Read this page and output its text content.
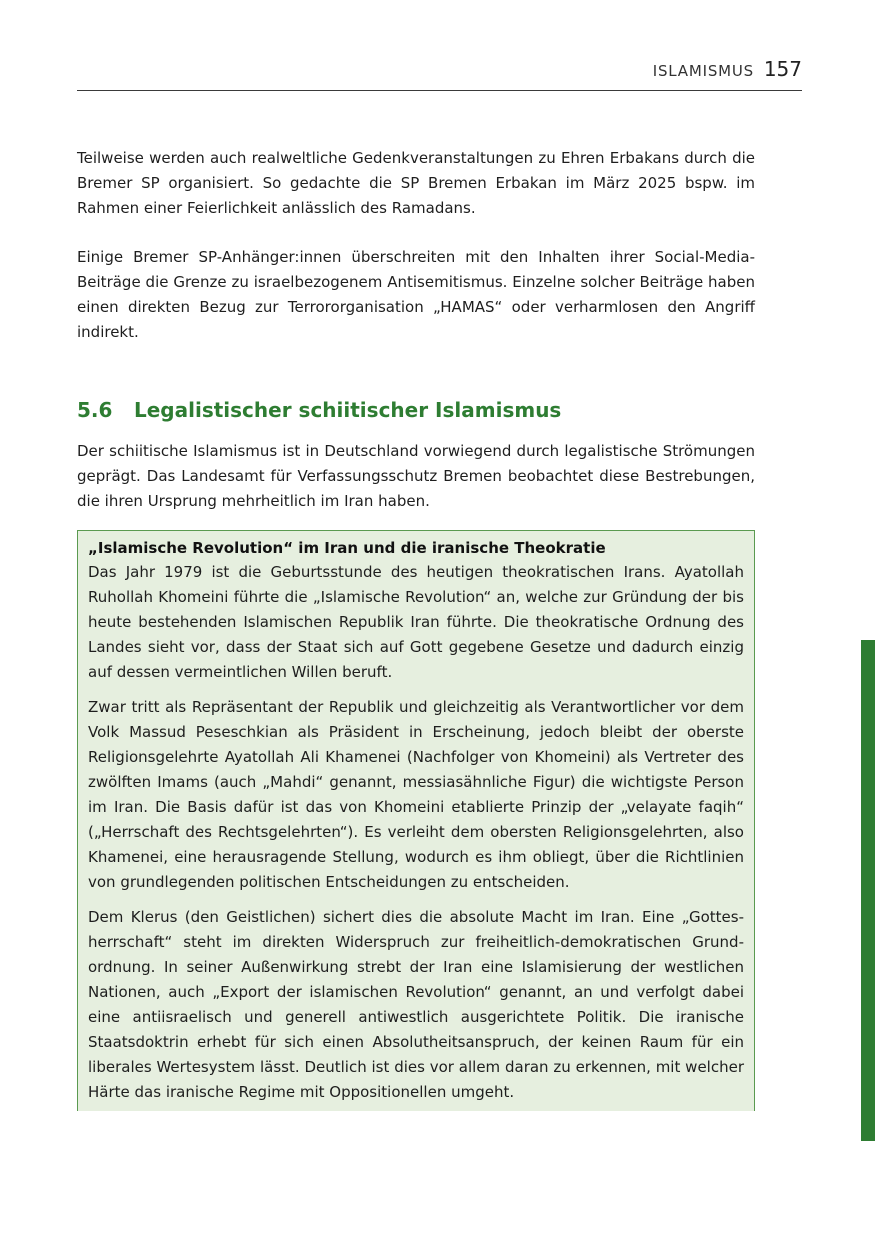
ISLAMISMUS 157

Teilweise werden auch realweltliche Gedenkveranstaltungen zu Ehren Erbakans durch die Bremer SP organisiert. So gedachte die SP Bremen Erbakan im März 2025 bspw. im Rahmen einer Feierlichkeit anlässlich des Ramadans.

Einige Bremer SP-Anhänger:innen überschreiten mit den Inhalten ihrer Social-Media-Beiträge die Grenze zu israelbezogenem Antisemitismus. Einzelne solcher Beiträge haben einen direkten Bezug zur Terrororganisation „HAMAS“ oder verharmlosen den Angriff indirekt.

5.6 Legalistischer schiitischer Islamismus

Der schiitische Islamismus ist in Deutschland vorwiegend durch legalistische Strömungen geprägt. Das Landesamt für Verfassungsschutz Bremen beobachtet diese Bestrebungen, die ihren Ursprung mehrheitlich im Iran haben.

„Islamische Revolution“ im Iran und die iranische Theokratie

Das Jahr 1979 ist die Geburtsstunde des heutigen theokratischen Irans. Ayatollah Ruhollah Khomeini führte die „Islamische Revolution“ an, welche zur Gründung der bis heute bestehenden Islamischen Republik Iran führte. Die theokratische Ordnung des Landes sieht vor, dass der Staat sich auf Gott gegebene Gesetze und dadurch einzig auf dessen vermeintlichen Willen beruft.

Zwar tritt als Repräsentant der Republik und gleichzeitig als Verantwortlicher vor dem Volk Massud Peseschkian als Präsident in Erscheinung, jedoch bleibt der oberste Religionsgelehrte Ayatollah Ali Khamenei (Nachfolger von Khomeini) als Vertreter des zwölften Imams (auch „Mahdi“ genannt, messiasähnliche Figur) die wichtigste Person im Iran. Die Basis dafür ist das von Khomeini etablierte Prinzip der „velayate faqih“ („Herrschaft des Rechtsgelehrten“). Es verleiht dem obersten Religionsgelehrten, also Khamenei, eine herausragende Stellung, wodurch es ihm obliegt, über die Richtlinien von grundlegenden politischen Entscheidungen zu entscheiden.

Dem Klerus (den Geistlichen) sichert dies die absolute Macht im Iran. Eine „Gottesherrschaft“ steht im direkten Widerspruch zur freiheitlich-demokratischen Grundordnung. In seiner Außenwirkung strebt der Iran eine Islamisierung der westlichen Nationen, auch „Export der islamischen Revolution“ genannt, an und verfolgt dabei eine antiisraelisch und generell antiwestlich ausgerichtete Politik. Die iranische Staatsdoktrin erhebt für sich einen Absolutheitsanspruch, der keinen Raum für ein liberales Wertesystem lässt. Deutlich ist dies vor allem daran zu erkennen, mit welcher Härte das iranische Regime mit Oppositionellen umgeht.
